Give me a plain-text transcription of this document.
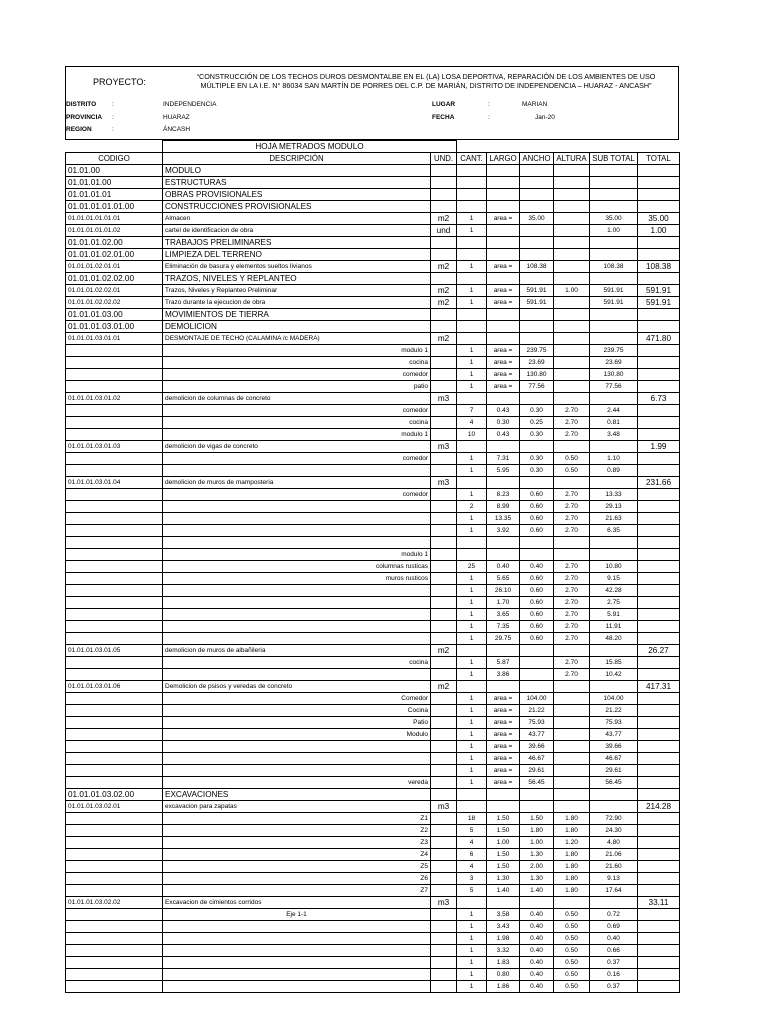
PROYECTO:
“CONSTRUCCIÓN DE LOS TECHOS DUROS DESMONTALBE EN EL (LA) LOSA DEPORTIVA, REPARACIÓN DE LOS AMBIENTES DE USO
MÚLTIPLE EN LA I.E. N° 86034 SAN MARTÍN DE PORRES DEL C.P. DE MARIÁN, DISTRITO DE INDEPENDENCIA – HUARAZ - ANCASH”
DISTRITO :	INDEPENDENCIA
PROVINCIA :	HUARAZ
REGION	:	ÁNCASH
LUGAR	:	MARIAN
FECHA	:	Jan-20
	HOJA METRADOS MODULO							
CODIGO	DESCRIPCIÓN	UND.	CANT.	LARGO	ANCHO	ALTURA	SUB TOTAL	TOTAL
01.01.00	MODULO							
01.01.01.00	ESTRUCTURAS							
01.01.01.01	OBRAS PROVISIONALES							
01.01.01.01.01.00	CONSTRUCCIONES PROVISIONALES							
01.01.01.01.01.01	Almacen	m2	1	area =	35.00		35.00	35.00
01.01.01.01.01.02	cartel de identificacion de obra	und	1				1.00	1.00
01.01.01.02.00	TRABAJOS PRELIMINARES							
01.01.01.02.01.00	LIMPIEZA DEL TERRENO							
01.01.01.02.01.01	Eliminación de basura y elementos sueltos livianos	m2	1	area =	108.38		108.38	108.38
01.01.01.02.02.00	TRAZOS, NIVELES Y REPLANTEO							
01.01.01.02.02.01	Trazos, Niveles y Replanteo Preliminar	m2	1	area =	591.91	1.00	591.91	591.91
01.01.01.02.02.02	Trazo durante la ejecucion de obra	m2	1	area =	591.91		591.91	591.91
01.01.01.03.00	MOVIMIENTOS DE TIERRA							
01.01.01.03.01.00	DEMOLICION							
01.01.01.03.01.01	DESMONTAJE DE TECHO (CALAMINA /c MADERA)	m2						471.80
	modulo 1		1	area =	239.75		239.75	
	cocina		1	area =	23.69		23.69	
	comedor		1	area =	130.80		130.80	
	patio		1	area =	77.56		77.56	
01.01.01.03.01.02	demolicion de columnas de concreto	m3						6.73
	comedor		7	0.43	0.30	2.70	2.44	
	cocina		4	0.30	0.25	2.70	0.81	
	modulo 1		10	0.43	0.30	2.70	3.48	
01.01.01.03.01.03	demolicion de vigas de concreto	m3						1.99
	comedor		1	7.31	0.30	0.50	1.10	
			1	5.95	0.30	0.50	0.89	
01.01.01.03.01.04	demolicion de muros de mamposteria	m3						231.66
	comedor		1	8.23	0.60	2.70	13.33	
			2	8.99	0.60	2.70	29.13	
			1	13.35	0.60	2.70	21.63	
			1	3.92	0.60	2.70	6.35	

	modulo 1							
	columnas rusticas		25	0.40	0.40	2.70	10.80	
	muros rusticos		1	5.65	0.60	2.70	9.15	
			1	26.10	0.60	2.70	42.28	
			1	1.70	0.60	2.70	2.75	
			1	3.65	0.60	2.70	5.91	
			1	7.35	0.60	2.70	11.91	
			1	29.75	0.60	2.70	48.20	
01.01.01.03.01.05	demolicion de muros de albañileria	m2						26.27
	cocina		1	5.87		2.70	15.85	
			1	3.86		2.70	10.42	
01.01.01.03.01.06	Demolicion de psisos y veredas de concreto	m2						417.31
	Comedor		1	area =	104.00		104.00	
	Cocina		1	area =	21.22		21.22	
	Patio		1	area =	75.93		75.93	
	Modulo		1	area =	43.77		43.77	
			1	area =	39.66		39.66	
			1	area =	46.67		46.67	
			1	area =	29.61		29.61	
	vereda		1	area =	56.45		56.45	
01.01.01.03.02.00	EXCAVACIONES							
01.01.01.03.02.01	excavacion para zapatas	m3						214.28
	Z1		18	1.50	1.50	1.80	72.90	
	Z2		5	1.50	1.80	1.80	24.30	
	Z3		4	1.00	1.00	1.20	4.80	
	Z4		6	1.50	1.30	1.80	21.06	
	Z5		4	1.50	2.00	1.80	21.60	
	Z6		3	1.30	1.30	1.80	9.13	
	Z7		5	1.40	1.40	1.80	17.64	
01.01.01.03.02.02	Excavacion de cimientos corridos	m3						33.11
	Eje 1-1		1	3.58	0.40	0.50	0.72	
			1	3.43	0.40	0.50	0.69	
			1	1.98	0.40	0.50	0.40	
			1	3.32	0.40	0.50	0.66	
			1	1.83	0.40	0.50	0.37	
			1	0.80	0.40	0.50	0.16	
			1	1.86	0.40	0.50	0.37	
